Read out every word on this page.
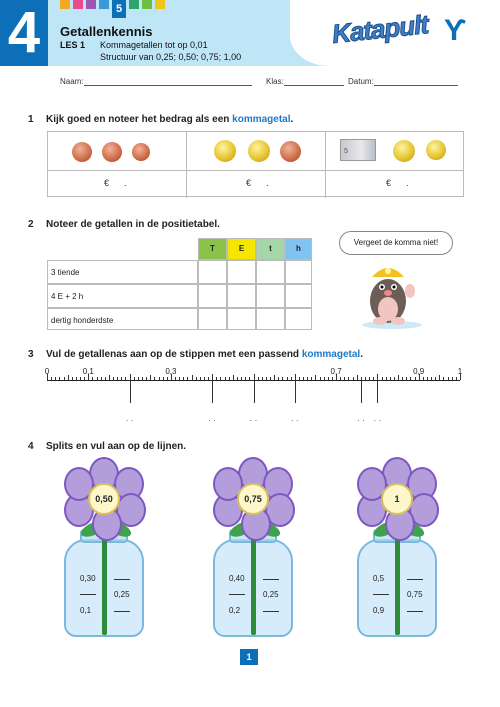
4	5
Getallenkennis
LES 1 Kommagetallen tot op 0,01
Structuur van 0,25; 0,50; 0,75; 1,00
Katapult Ƴ
Naam:	Klas:	Datum:
1 Kijk goed en noteer het bedrag als een kommagetal.
5
€      .	€      .	€      .
2 Noteer de getallen in de positietabel.
T	E	t	h
3 tiende
4 E + 2 h
dertig honderdste
Vergeet de komma niet!
3 Vul de getallenas aan op de stippen met een passend kommagetal.
0	0,1	0,3	0,7	0,9	1
. .	. .	. .	. .	. . . .
4 Splits en vul aan op de lijnen.
0,50
0,30
0,25
0,1
0,75
0,40
0,25
0,2
1
0,5
0,75
0,9
1
